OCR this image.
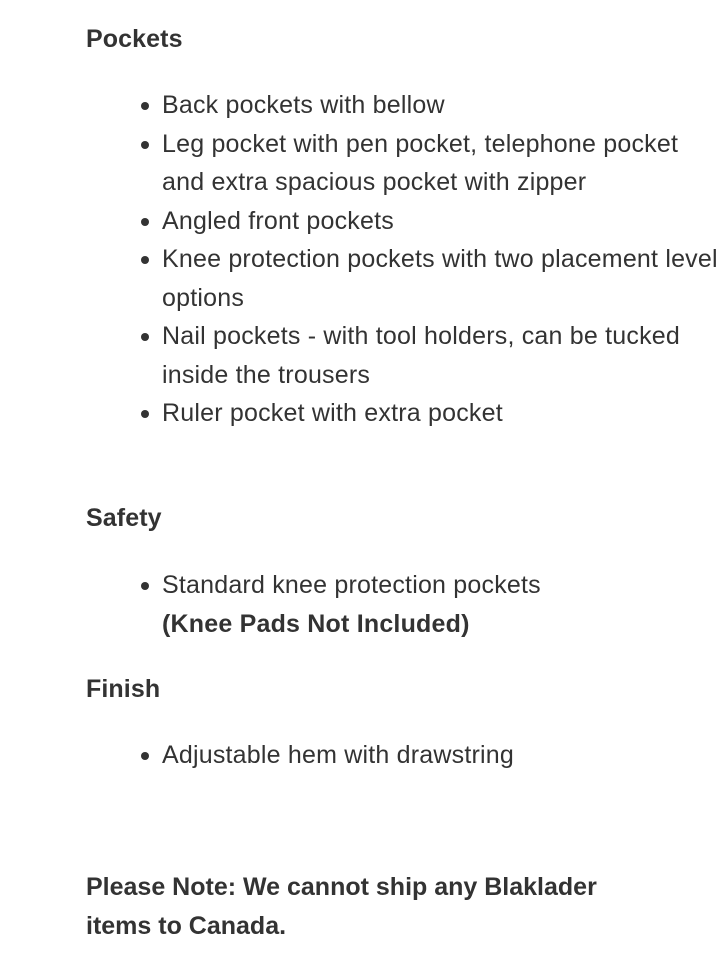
Pockets
Back pockets with bellow
Leg pocket with pen pocket, telephone pocket and extra spacious pocket with zipper
Angled front pockets
Knee protection pockets with two placement level options
Nail pockets - with tool holders, can be tucked inside the trousers
Ruler pocket with extra pocket
Safety
Standard knee protection pockets
(Knee Pads Not Included)
Finish
Adjustable hem with drawstring

Please Note: We cannot ship any Blaklader items to Canada.
